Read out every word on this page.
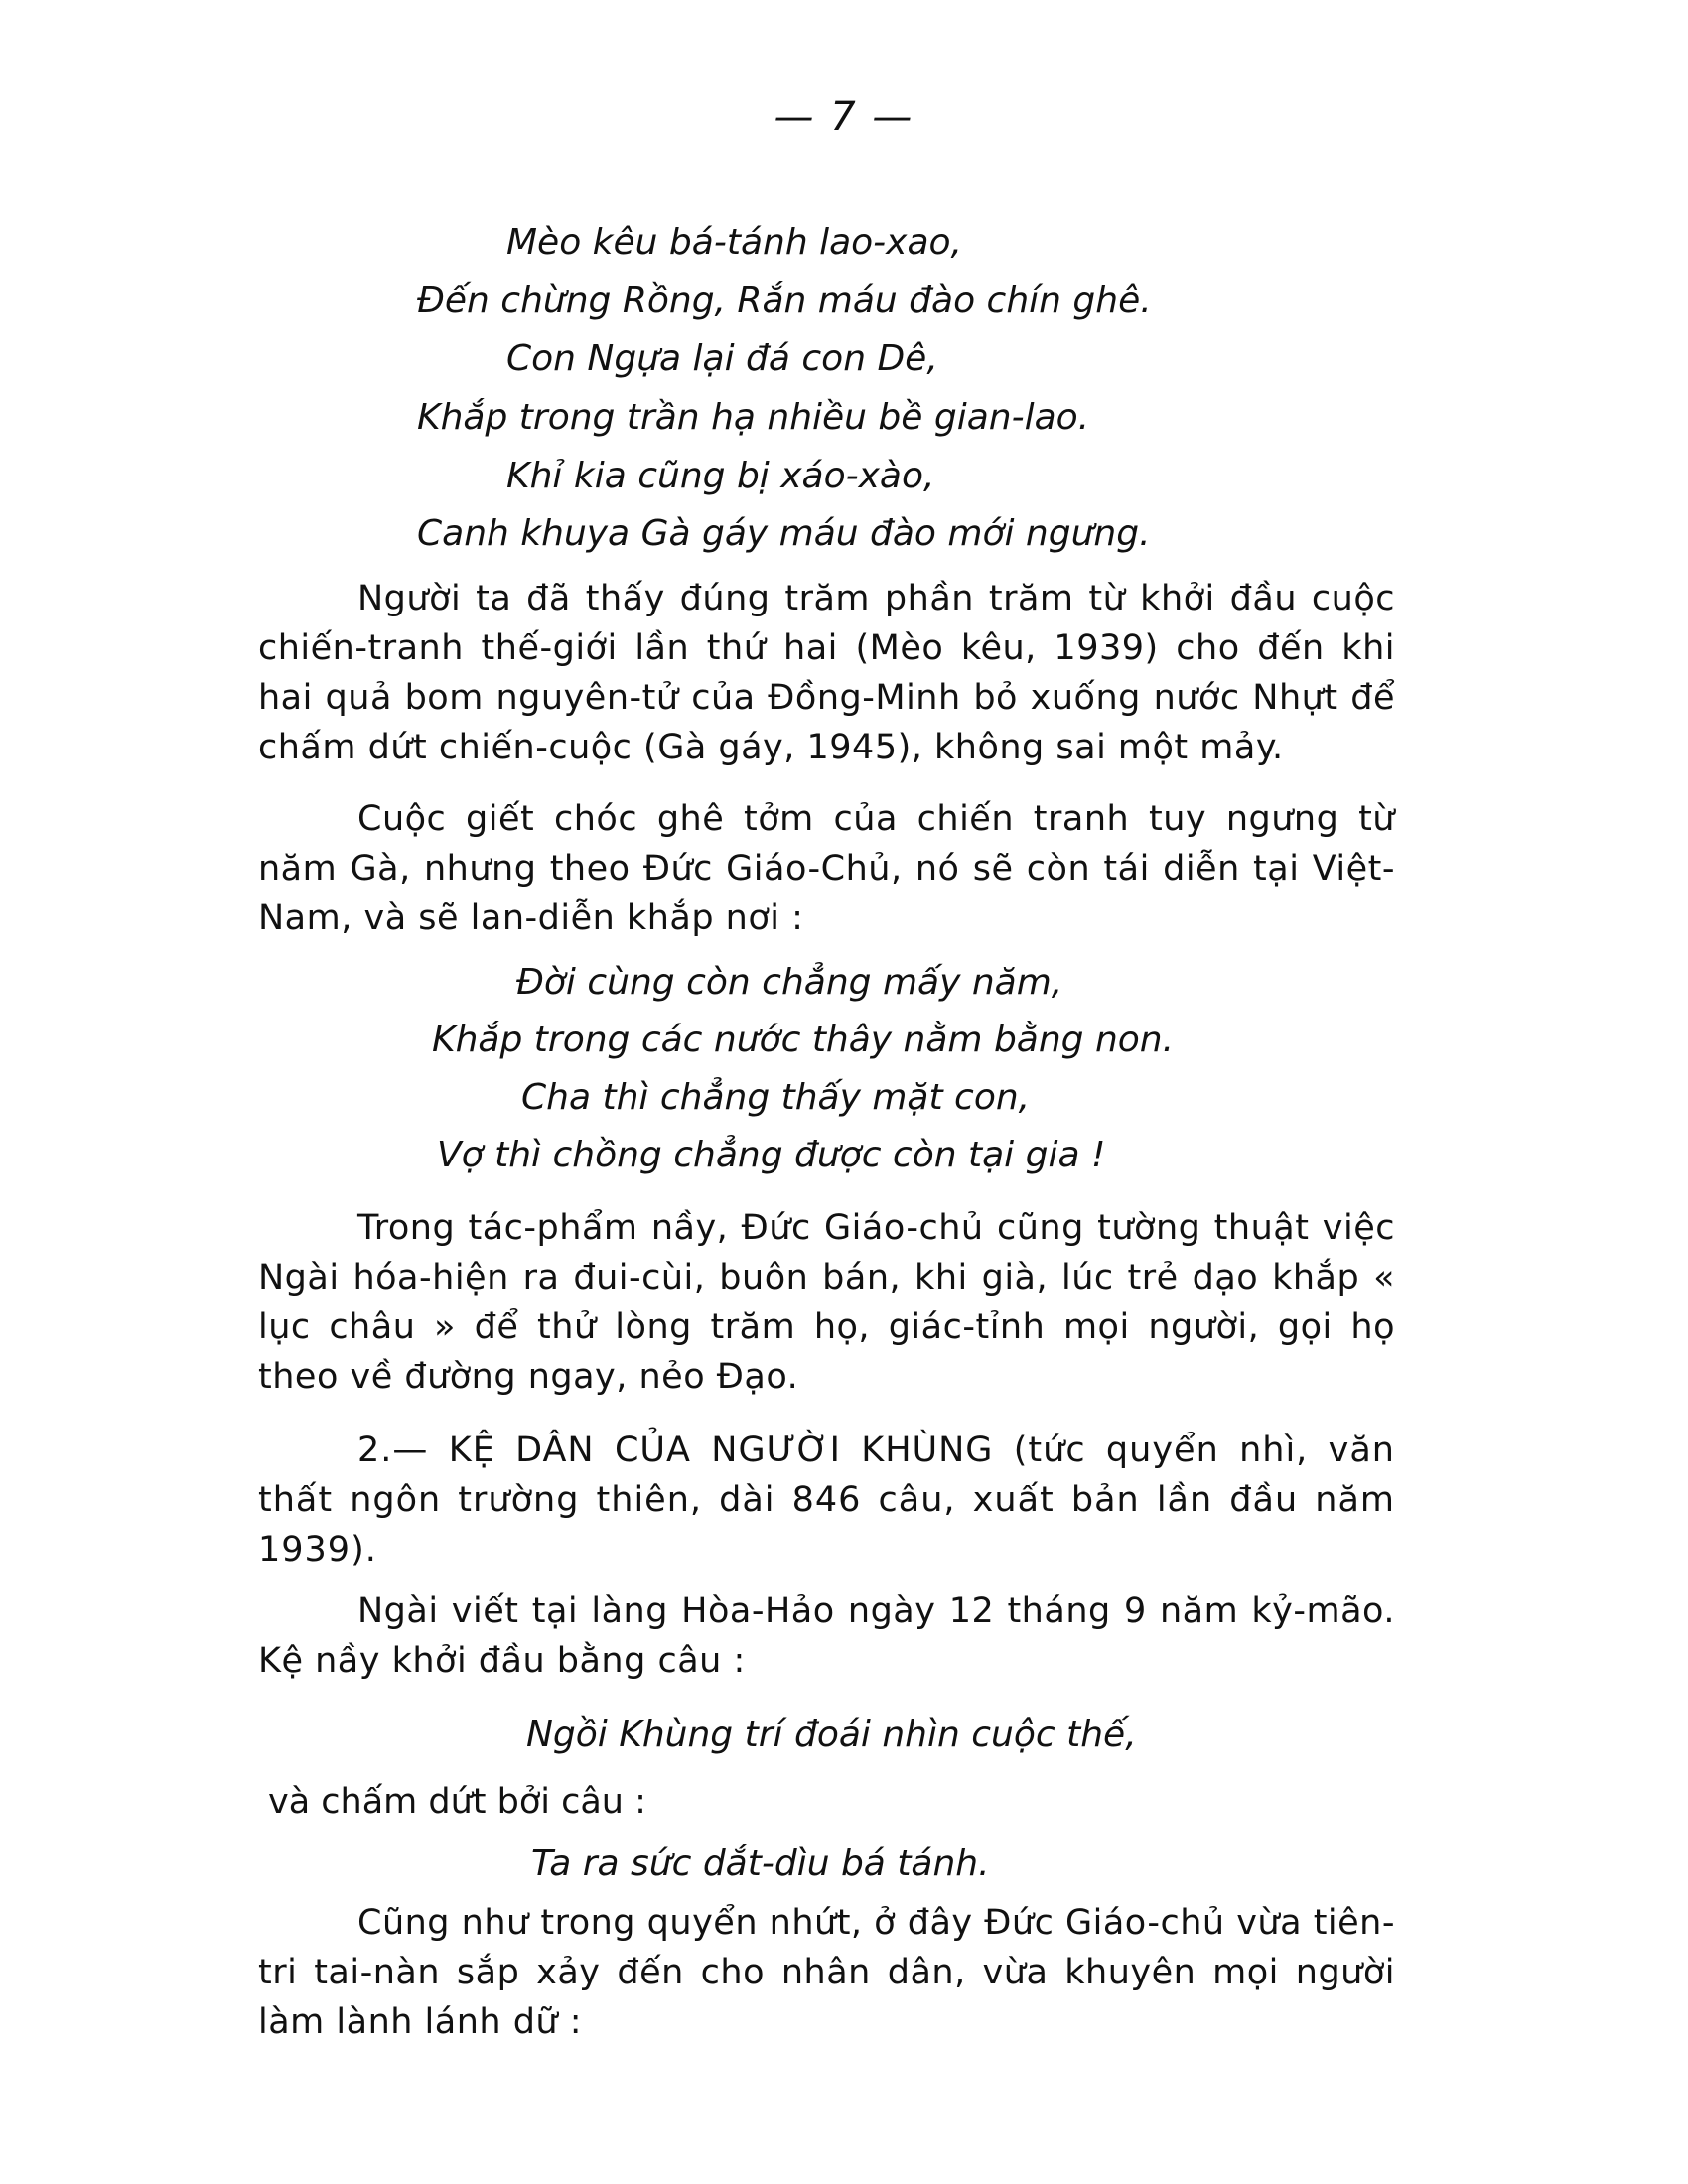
— 7 —
Mèo kêu bá-tánh lao-xao,
Đến chừng Rồng, Rắn máu đào chín ghê.
Con Ngựa lại đá con Dê,
Khắp trong trần hạ nhiều bề gian-lao.
Khỉ kia cũng bị xáo-xào,
Canh khuya Gà gáy máu đào mới ngưng.

Người ta đã thấy đúng trăm phần trăm từ khởi đầu cuộc chiến-tranh thế-giới lần thứ hai (Mèo kêu, 1939) cho đến khi hai quả bom nguyên-tử của Đồng-Minh bỏ xuống nước Nhựt để chấm dứt chiến-cuộc (Gà gáy, 1945), không sai một mảy.

Cuộc giết chóc ghê tởm của chiến tranh tuy ngưng từ năm Gà, nhưng theo Đức Giáo-Chủ, nó sẽ còn tái diễn tại Việt-Nam, và sẽ lan-diễn khắp nơi :

Đời cùng còn chẳng mấy năm,
Khắp trong các nước thây nằm bằng non.
Cha thì chẳng thấy mặt con,
Vợ thì chồng chẳng được còn tại gia !

Trong tác-phẩm nầy, Đức Giáo-chủ cũng tường thuật việc Ngài hóa-hiện ra đui-cùi, buôn bán, khi già, lúc trẻ dạo khắp « lục châu » để thử lòng trăm họ, giác-tỉnh mọi người, gọi họ theo về đường ngay, nẻo Đạo.

2.— KỆ DÂN CỦA NGƯỜI KHÙNG (tức quyển nhì, văn thất ngôn trường thiên, dài 846 câu, xuất bản lần đầu năm 1939).

Ngài viết tại làng Hòa-Hảo ngày 12 tháng 9 năm kỷ-mão. Kệ nầy khởi đầu bằng câu :

Ngồi Khùng trí đoái nhìn cuộc thế,

và chấm dứt bởi câu :

Ta ra sức dắt-dìu bá tánh.

Cũng như trong quyển nhứt, ở đây Đức Giáo-chủ vừa tiên-tri tai-nàn sắp xảy đến cho nhân dân, vừa khuyên mọi người làm lành lánh dữ :
